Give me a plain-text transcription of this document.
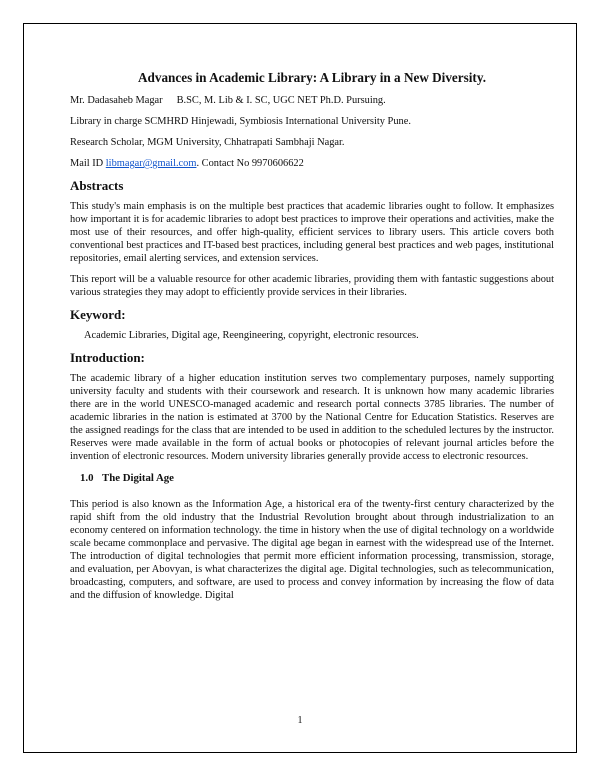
Advances in Academic Library: A Library in a New Diversity.
Mr. Dadasaheb Magar B.SC, M. Lib & I. SC, UGC NET Ph.D. Pursuing.
Library in charge SCMHRD Hinjewadi, Symbiosis International University Pune.
Research Scholar, MGM University, Chhatrapati Sambhaji Nagar.
Mail ID libmagar@gmail.com. Contact No 9970606622
Abstracts

This study's main emphasis is on the multiple best practices that academic libraries ought to follow. It emphasizes how important it is for academic libraries to adopt best practices to improve their operations and activities, make the most use of their resources, and offer high-quality, efficient services to library users. This article covers both conventional best practices and IT-based best practices, including general best practices and web pages, institutional repositories, email alerting services, and extension services.

This report will be a valuable resource for other academic libraries, providing them with fantastic suggestions about various strategies they may adopt to efficiently provide services in their libraries.

Keyword:

Academic Libraries, Digital age, Reengineering, copyright, electronic resources.

Introduction:

The academic library of a higher education institution serves two complementary purposes, namely supporting university faculty and students with their coursework and research. It is unknown how many academic libraries there are in the world UNESCO-managed academic and research portal connects 3785 libraries. The number of academic libraries in the nation is estimated at 3700 by the National Centre for Education Statistics. Reserves are the assigned readings for the class that are intended to be used in addition to the scheduled lectures by the instructor. Reserves were made available in the form of actual books or photocopies of relevant journal articles before the invention of electronic resources. Modern university libraries generally provide access to electronic resources.

1.0 The Digital Age

This period is also known as the Information Age, a historical era of the twenty-first century characterized by the rapid shift from the old industry that the Industrial Revolution brought about through industrialization to an economy centered on information technology. the time in history when the use of digital technology on a worldwide scale became commonplace and pervasive. The digital age began in earnest with the widespread use of the Internet. The introduction of digital technologies that permit more efficient information processing, transmission, storage, and evaluation, per Abovyan, is what characterizes the digital age. Digital technologies, such as telecommunication, broadcasting, computers, and software, are used to process and convey information by increasing the flow of data and the diffusion of knowledge. Digital

1
